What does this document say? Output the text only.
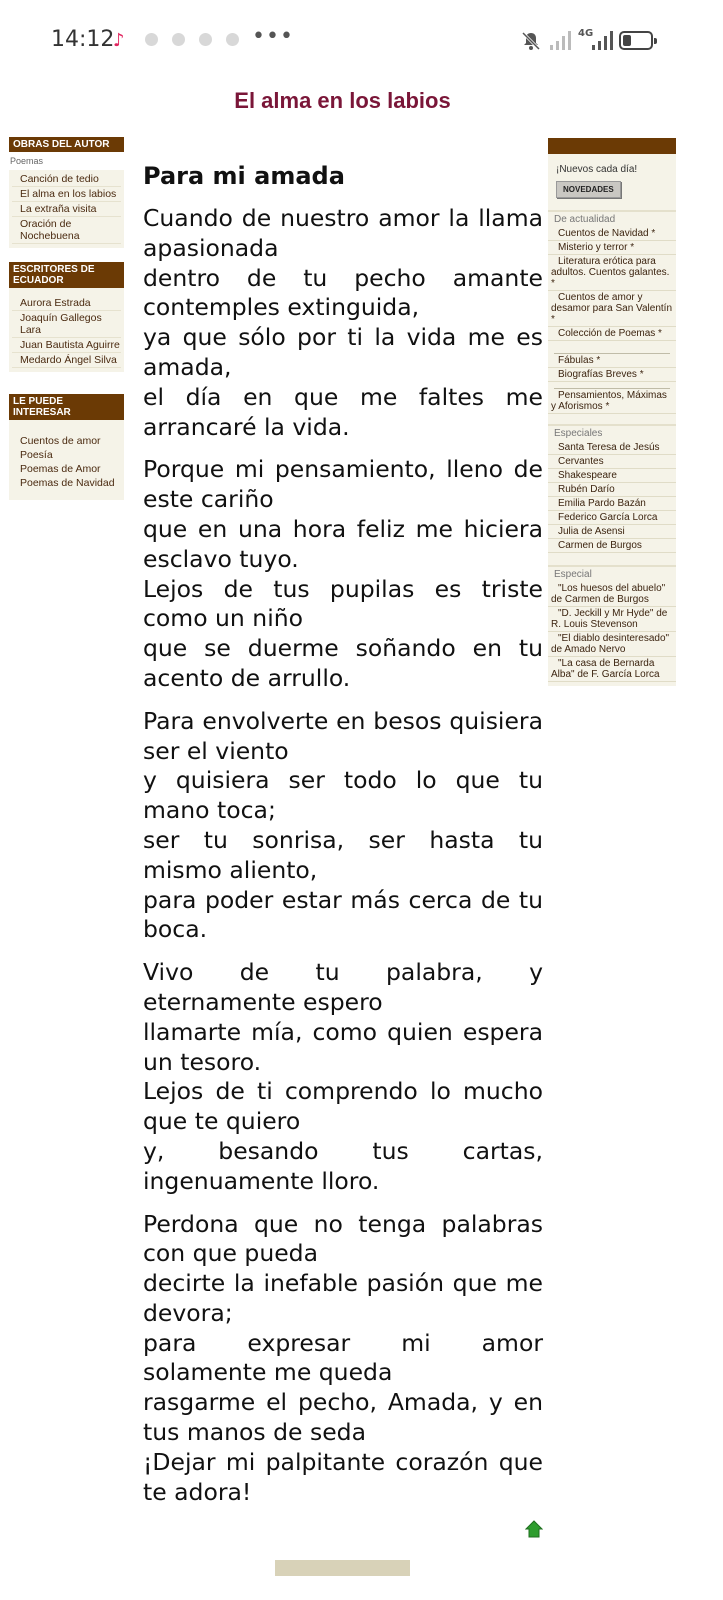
14:12
♪	•••	4G
El alma en los labios
OBRAS DEL AUTOR
Poemas
Canción de tedio
El alma en los labios
La extraña visita
Oración de Nochebuena
ESCRITORES DE ECUADOR
Aurora Estrada
Joaquín Gallegos Lara
Juan Bautista Aguirre
Medardo Ángel Silva
LE PUEDE INTERESAR
Cuentos de amor
Poesía
Poemas de Amor
Poemas de Navidad
Para mi amada
Cuando de nuestro amor la llama apasionada
dentro de tu pecho amante contemples extinguida,
ya que sólo por ti la vida me es amada,
el día en que me faltes me arrancaré la vida.
Porque mi pensamiento, lleno de este cariño
que en una hora feliz me hiciera esclavo tuyo.
Lejos de tus pupilas es triste como un niño
que se duerme soñando en tu acento de arrullo.
Para envolverte en besos quisiera ser el viento
y quisiera ser todo lo que tu mano toca;
ser tu sonrisa, ser hasta tu mismo aliento,
para poder estar más cerca de tu boca.
Vivo de tu palabra, y eternamente espero
llamarte mía, como quien espera un tesoro.
Lejos de ti comprendo lo mucho que te quiero
y, besando tus cartas, ingenuamente lloro.
Perdona que no tenga palabras con que pueda
decirte la inefable pasión que me devora;
para expresar mi amor solamente me queda
rasgarme el pecho, Amada, y en tus manos de seda
¡Dejar mi palpitante corazón que te adora!
¡Nuevos cada día!
NOVEDADES
De actualidad
Cuentos de Navidad *
Misterio y terror *
Literatura erótica para adultos. Cuentos galantes. *
Cuentos de amor y desamor para San Valentín *
Colección de Poemas *
Fábulas *
Biografías Breves *
Pensamientos, Máximas y Aforismos *
Especiales
Santa Teresa de Jesús
Cervantes
Shakespeare
Rubén Darío
Emilia Pardo Bazán
Federico García Lorca
Julia de Asensi
Carmen de Burgos
Especial
"Los huesos del abuelo" de Carmen de Burgos
"D. Jeckill y Mr Hyde" de R. Louis Stevenson
"El diablo desinteresado" de Amado Nervo
"La casa de Bernarda Alba" de F. García Lorca
